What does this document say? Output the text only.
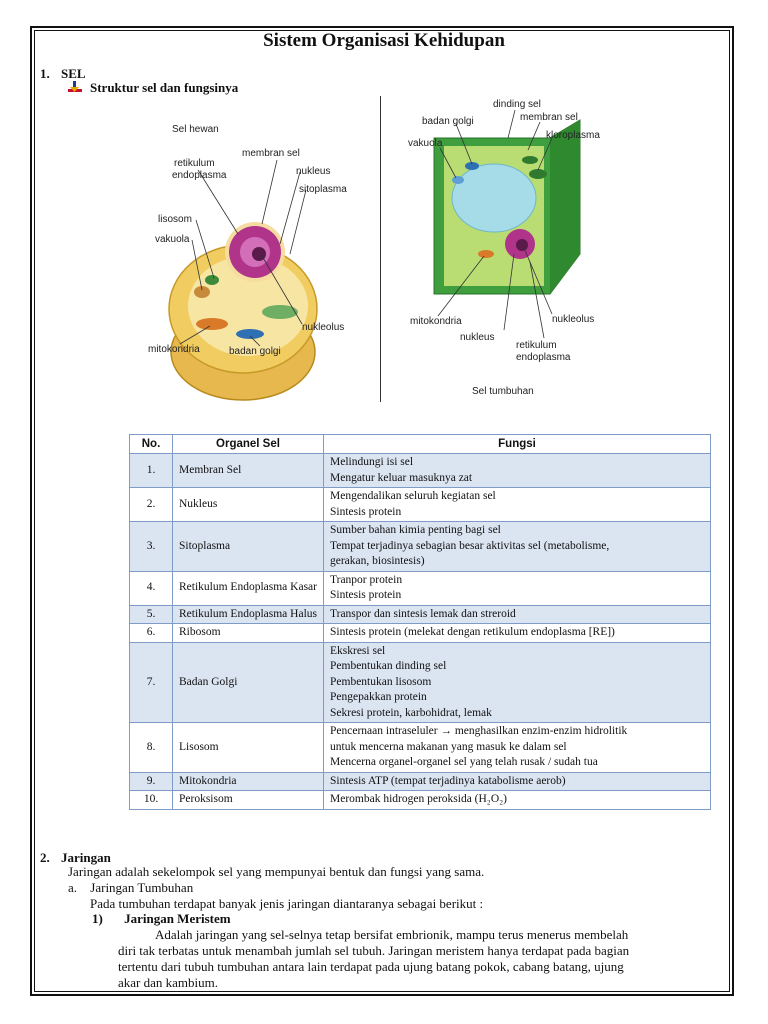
Sistem Organisasi Kehidupan
1. SEL
Struktur sel dan fungsinya
Sel hewan
membran sel
retikulum
endoplasma	nukleus
sitoplasma
lisosom
vakuola
nukleolus
mitokondria	badan golgi
dinding sel
membran sel
badan golgi
kloroplasma
vakuola
mitokondria	nukleolus
nukleus
retikulum
endoplasma
Sel tumbuhan
No.	Organel Sel	Fungsi
1.	Membran Sel	Melindungi isi sel
Mengatur keluar masuknya zat

2.	Nukleus	Mengendalikan seluruh kegiatan sel
Sintesis protein

3.	Sitoplasma	Sumber bahan kimia penting bagi sel
Tempat terjadinya sebagian besar aktivitas sel (metabolisme,
gerakan, biosintesis)

4.	Retikulum Endoplasma Kasar	Tranpor protein
Sintesis protein

5.	Retikulum Endoplasma Halus	Transpor dan sintesis lemak dan streroid

6.	Ribosom	Sintesis protein (melekat dengan retikulum endoplasma [RE])

7.	Badan Golgi	Ekskresi sel
Pembentukan dinding sel
Pembentukan lisosom
Pengepakkan protein
Sekresi protein, karbohidrat, lemak

8.	Lisosom	Pencernaan intraseluler → menghasilkan enzim-enzim hidrolitik
untuk mencerna makanan yang masuk ke dalam sel
Mencerna organel-organel sel yang telah rusak / sudah tua

9.	Mitokondria	Sintesis ATP (tempat terjadinya katabolisme aerob)

10.	Peroksisom	Merombak hidrogen peroksida (H₂O₂)
2. Jaringan
Jaringan adalah sekelompok sel yang mempunyai bentuk dan fungsi yang sama.
a. Jaringan Tumbuhan
Pada tumbuhan terdapat banyak jenis jaringan diantaranya sebagai berikut :
1) Jaringan Meristem
Adalah jaringan yang sel-selnya tetap bersifat embrionik, mampu terus menerus membelah
diri tak terbatas untuk menambah jumlah sel tubuh. Jaringan meristem hanya terdapat pada bagian
tertentu dari tubuh tumbuhan antara lain terdapat pada ujung batang pokok, cabang batang, ujung
akar dan kambium.
